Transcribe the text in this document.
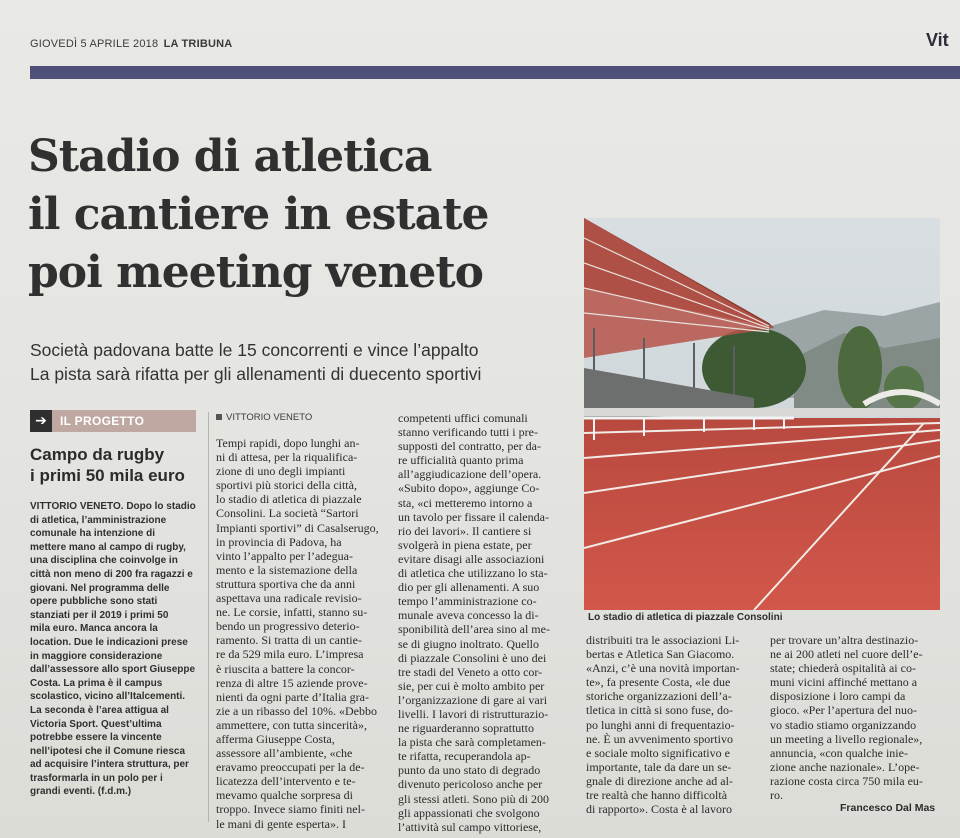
GIOVEDÌ 5 APRILE 2018 LA TRIBUNA	Vit
Stadio di atletica
il cantiere in estate
poi meeting veneto
Società padovana batte le 15 concorrenti e vince l’appalto
La pista sarà rifatta per gli allenamenti di duecento sportivi
Lo stadio di atletica di piazzale Consolini
➔	IL PROGETTO
Campo da rugby
i primi 50 mila euro
VITTORIO VENETO. Dopo lo stadio
di atletica, l’amministrazione
comunale ha intenzione di
mettere mano al campo di rugby,
una disciplina che coinvolge in
città non meno di 200 fra ragazzi e
giovani. Nel programma delle
opere pubbliche sono stati
stanziati per il 2019 i primi 50
mila euro. Manca ancora la
location. Due le indicazioni prese
in maggiore considerazione
dall’assessore allo sport Giuseppe
Costa. La prima è il campus
scolastico, vicino all’Italcementi.
La seconda è l’area attigua al
Victoria Sport. Quest’ultima
potrebbe essere la vincente
nell’ipotesi che il Comune riesca
ad acquisire l’intera struttura, per
trasformarla in un polo per i
grandi eventi. (f.d.m.)
VITTORIO VENETO
Tempi rapidi, dopo lunghi an-
ni di attesa, per la riqualifica-
zione di uno degli impianti
sportivi più storici della città,
lo stadio di atletica di piazzale
Consolini. La società “Sartori
Impianti sportivi” di Casalserugo,
in provincia di Padova, ha
vinto l’appalto per l’adegua-
mento e la sistemazione della
struttura sportiva che da anni
aspettava una radicale revisio-
ne. Le corsie, infatti, stanno su-
bendo un progressivo deterio-
ramento. Si tratta di un cantie-
re da 529 mila euro. L’impresa
è riuscita a battere la concor-
renza di altre 15 aziende prove-
nienti da ogni parte d’Italia gra-
zie a un ribasso del 10%. «Debbo
ammettere, con tutta sincerità»,
afferma Giuseppe Costa,
assessore all’ambiente, «che
eravamo preoccupati per la de-
licatezza dell’intervento e te-
mevamo qualche sorpresa di
troppo. Invece siamo finiti nel-
le mani di gente esperta». I
competenti uffici comunali
stanno verificando tutti i pre-
supposti del contratto, per da-
re ufficialità quanto prima
all’aggiudicazione dell’opera.
«Subito dopo», aggiunge Co-
sta, «ci metteremo intorno a
un tavolo per fissare il calenda-
rio dei lavori». Il cantiere si
svolgerà in piena estate, per
evitare disagi alle associazioni
di atletica che utilizzano lo sta-
dio per gli allenamenti. A suo
tempo l’amministrazione co-
munale aveva concesso la di-
sponibilità dell’area sino al me-
se di giugno inoltrato. Quello
di piazzale Consolini è uno dei
tre stadi del Veneto a otto cor-
sie, per cui è molto ambito per
l’organizzazione di gare ai vari
livelli. I lavori di ristrutturazio-
ne riguarderanno soprattutto
la pista che sarà completamen-
te rifatta, recuperandola ap-
punto da uno stato di degrado
divenuto pericoloso anche per
gli stessi atleti. Sono più di 200
gli appassionati che svolgono
l’attività sul campo vittoriese,
distribuiti tra le associazioni Li-
bertas e Atletica San Giacomo.
«Anzi, c’è una novità importan-
te», fa presente Costa, «le due
storiche organizzazioni dell’a-
tletica in città si sono fuse, do-
po lunghi anni di frequentazio-
ne. È un avvenimento sportivo
e sociale molto significativo e
importante, tale da dare un se-
gnale di direzione anche ad al-
tre realtà che hanno difficoltà
di rapporto». Costa è al lavoro
per trovare un’altra destinazio-
ne ai 200 atleti nel cuore dell’e-
state; chiederà ospitalità ai co-
muni vicini affinché mettano a
disposizione i loro campi da
gioco. «Per l’apertura del nuo-
vo stadio stiamo organizzando
un meeting a livello regionale»,
annuncia, «con qualche inie-
zione anche nazionale». L’ope-
razione costa circa 750 mila eu-
ro.
Francesco Dal Mas
